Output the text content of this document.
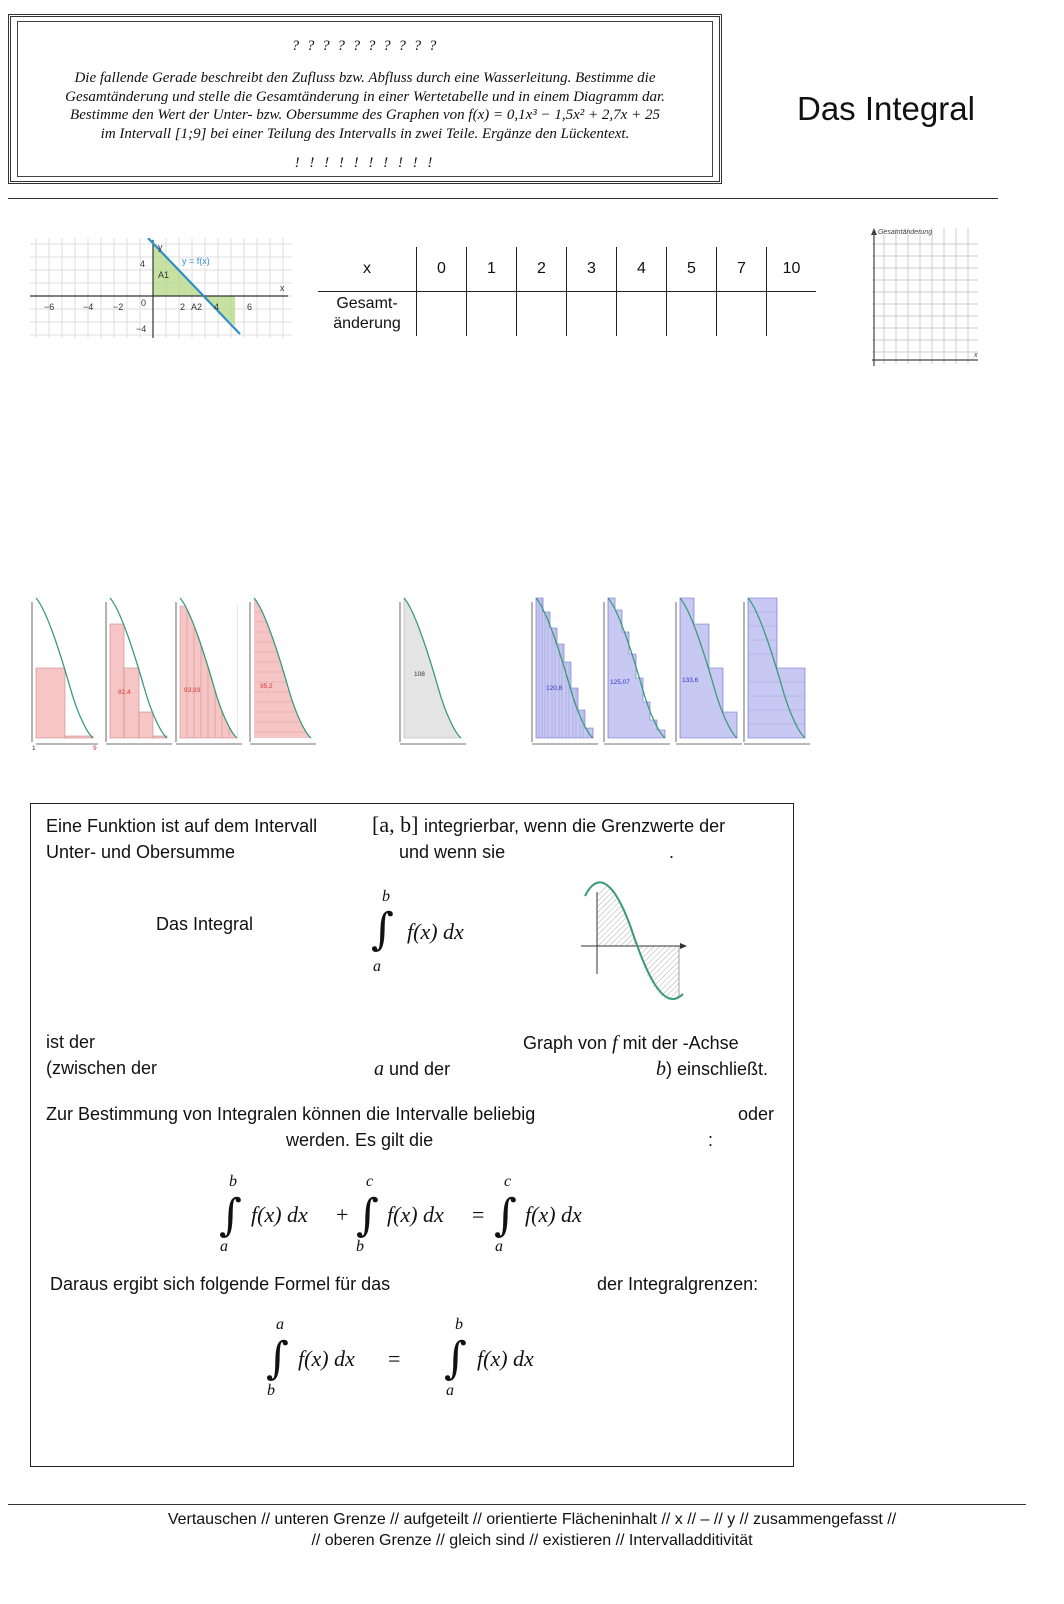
? ? ? ? ? ? ? ? ? ?
Die fallende Gerade beschreibt den Zufluss bzw. Abfluss durch eine Wasserleitung. Bestimme die
Gesamtänderung und stelle die Gesamtänderung in einer Wertetabelle und in einem Diagramm dar.
Bestimme den Wert der Unter- bzw. Obersumme des Graphen von f(x) = 0,1x³ − 1,5x² + 2,7x + 25
im Intervall [1;9] bei einer Teilung des Intervalls in zwei Teile. Ergänze den Lückentext.
! ! ! ! ! ! ! ! ! !
Das Integral
−6	−4 −2 0	2	4	6
4
−4
x
y
A1
A2
y = f(x)	x	0	1	2	3	4	5	7	10

Gesamt-
änderung								

Gesamtänderung
x
1	9
82,4	93,93
95,2
108
120,8
125,07	133,6
Eine Funktion ist auf dem Intervall [a, b] integrierbar, wenn die Grenzwerte der
Unter- und Obersumme	und wenn sie	.
Das Integral
b
∫
a
f(x) dx
ist der	Graph von f mit der -Achse
(zwischen der	a und der	b) einschließt.
Zur Bestimmung von Integralen können die Intervalle beliebig	oder
werden. Es gilt die	:
b
∫
a
f(x) dx +
c
∫
b
f(x) dx =
c
∫
a
f(x) dx
Daraus ergibt sich folgende Formel für das	der Integralgrenzen:
a
∫
b
f(x) dx =
b
∫
a
f(x) dx
Vertauschen // unteren Grenze // aufgeteilt // orientierte Flächeninhalt // x // – // y // zusammengefasst //
// oberen Grenze // gleich sind // existieren // Intervalladditivität
